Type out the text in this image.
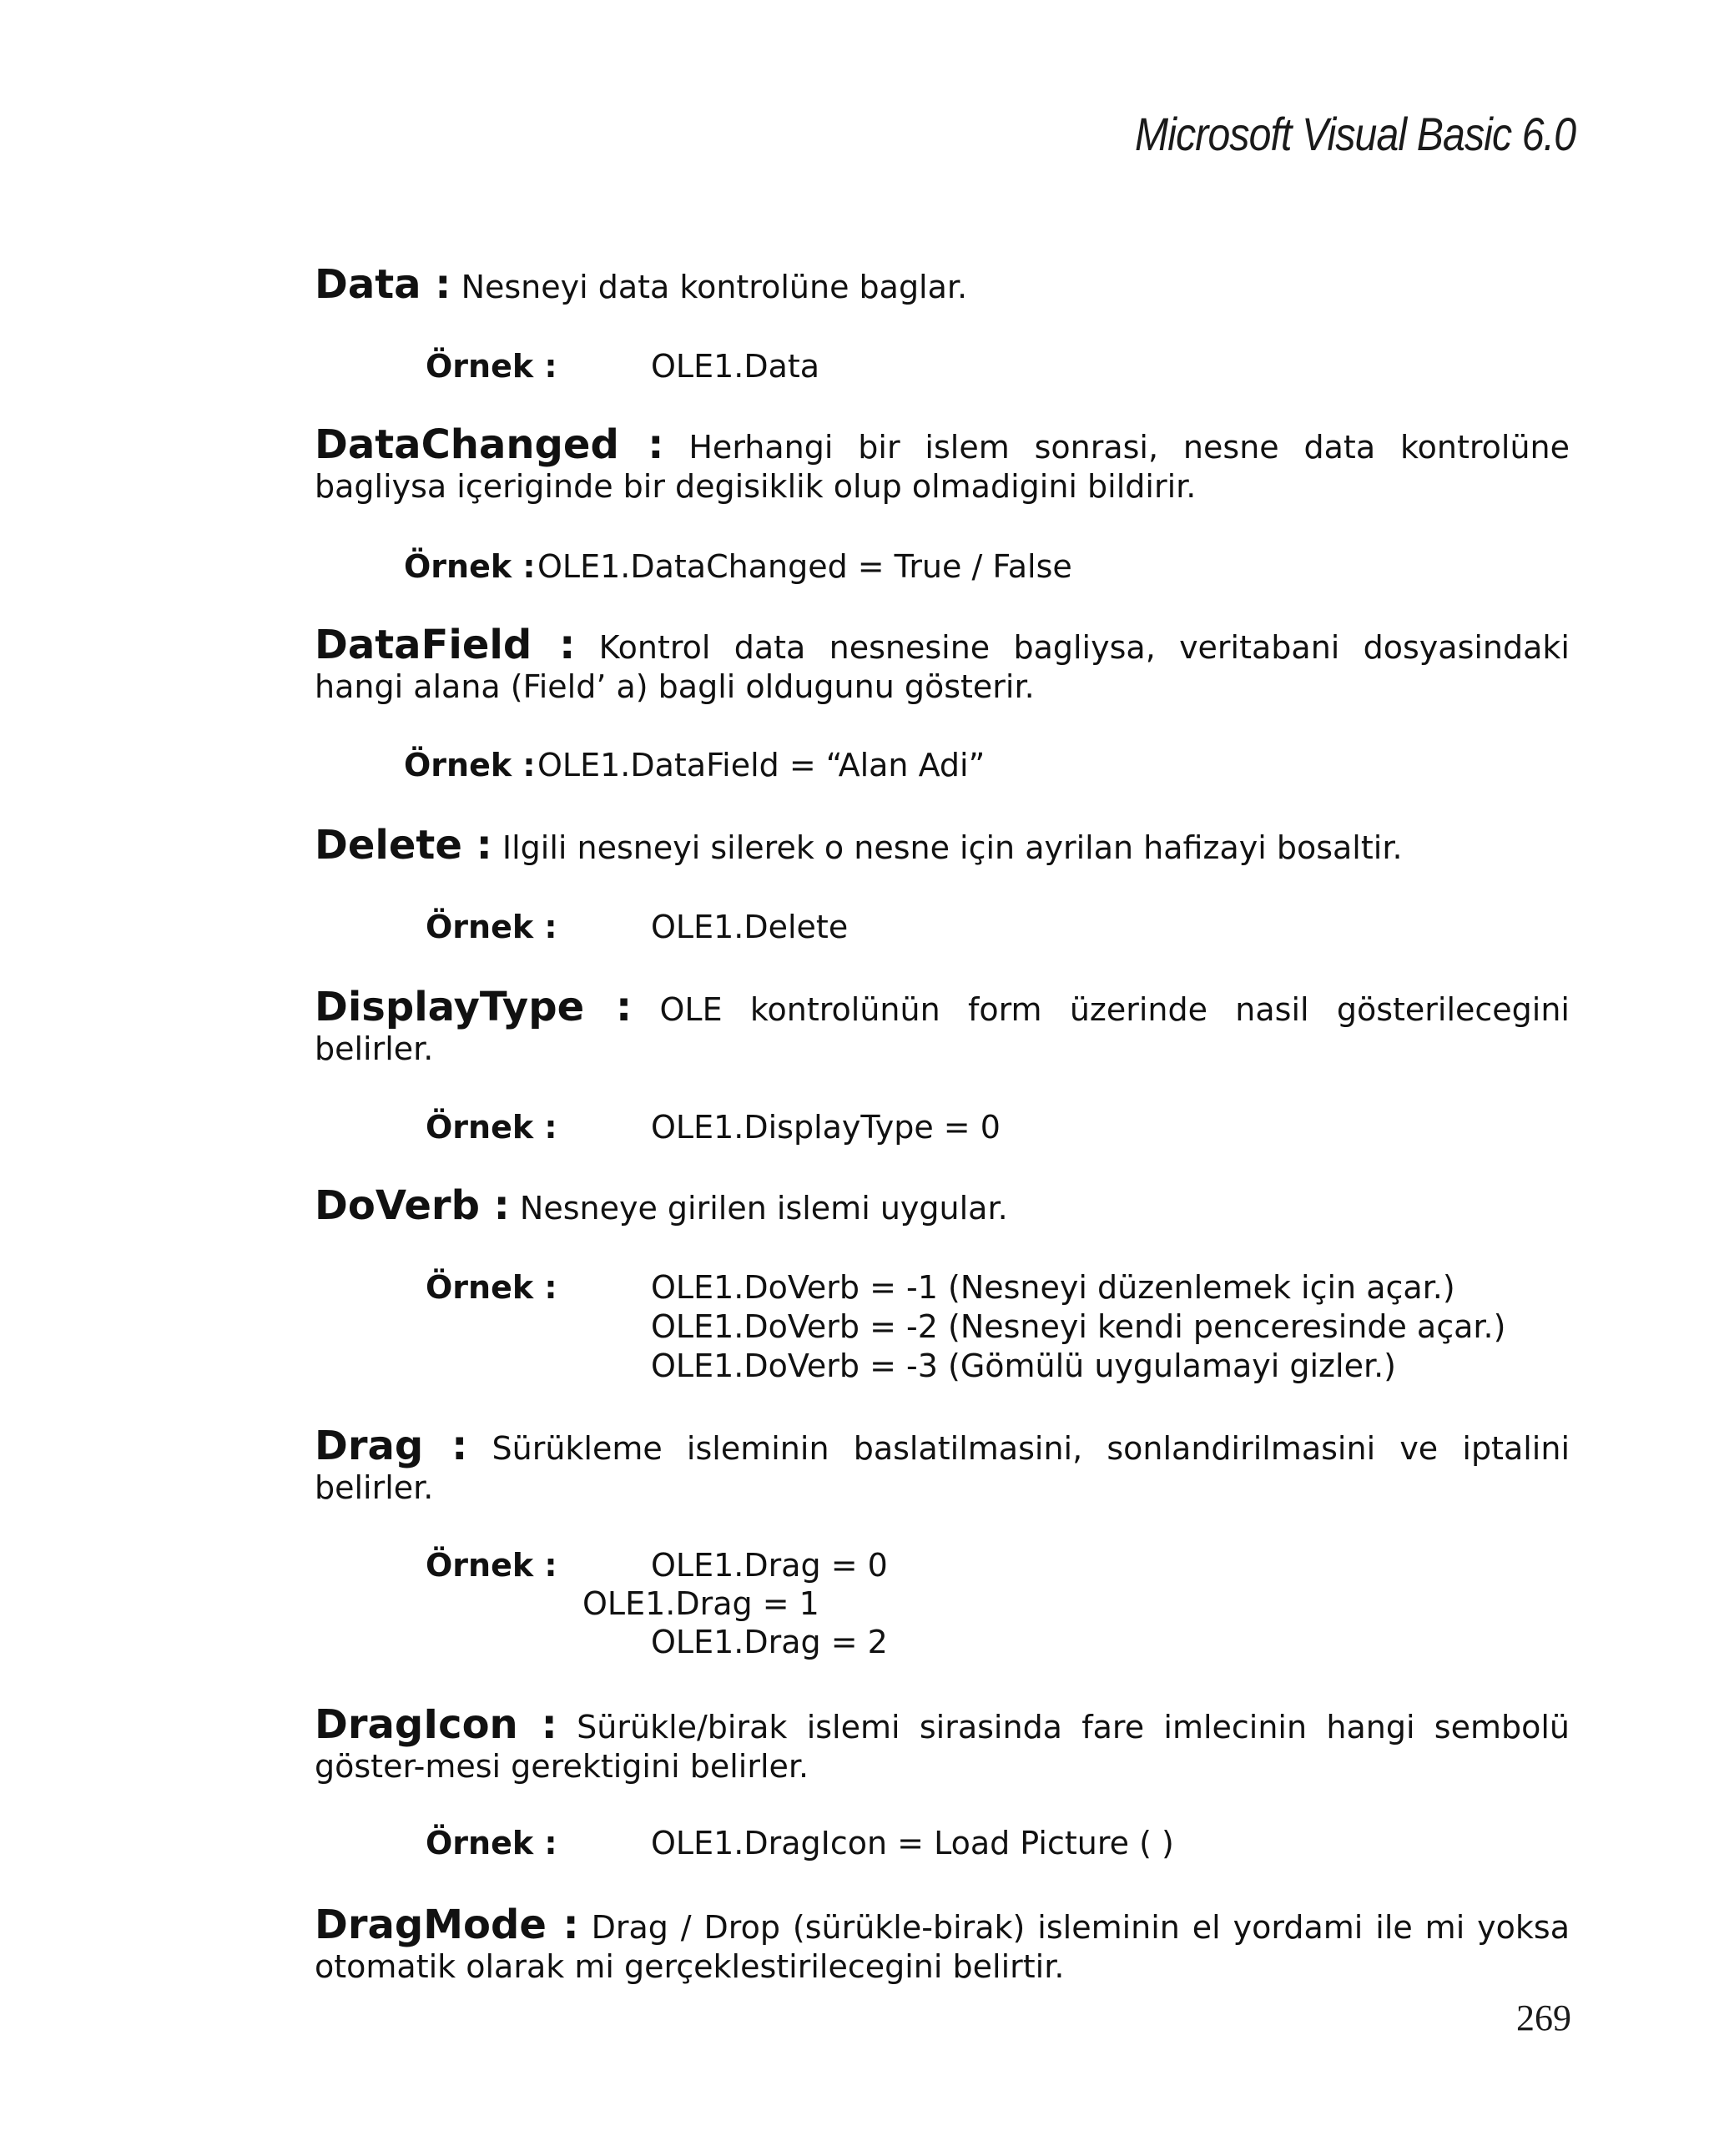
Microsoft Visual Basic 6.0
Data : Nesneyi data kontrolüne baglar.
Örnek :	OLE1.Data
DataChanged : Herhangi bir islem sonrasi, nesne data kontrolüne bagliysa içeriginde bir degisiklik olup olmadigini bildirir.
Örnek :OLE1.DataChanged = True / False
DataField : Kontrol data nesnesine bagliysa, veritabani dosyasindaki hangi alana (Field’ a) bagli oldugunu gösterir.
Örnek :OLE1.DataField = “Alan Adi”
Delete : Ilgili nesneyi silerek o nesne için ayrilan hafizayi bosaltir.
Örnek :	OLE1.Delete
DisplayType : OLE kontrolünün form üzerinde nasil gösterilecegini belirler.
Örnek :	OLE1.DisplayType = 0
DoVerb : Nesneye girilen islemi uygular.
Örnek :	OLE1.DoVerb = -1 (Nesneyi düzenlemek için açar.)
OLE1.DoVerb = -2 (Nesneyi kendi penceresinde açar.)
OLE1.DoVerb = -3 (Gömülü uygulamayi gizler.)
Drag : Sürükleme isleminin baslatilmasini, sonlandirilmasini ve iptalini belirler.
Örnek :	OLE1.Drag = 0
OLE1.Drag = 1
OLE1.Drag = 2
DragIcon : Sürükle/birak islemi sirasinda fare imlecinin hangi sembolü göster-mesi gerektigini belirler.
Örnek :	OLE1.DragIcon = Load Picture ( )
DragMode : Drag / Drop (sürükle-birak) isleminin el yordami ile mi yoksa otomatik olarak mi gerçeklestirilecegini belirtir.
269
